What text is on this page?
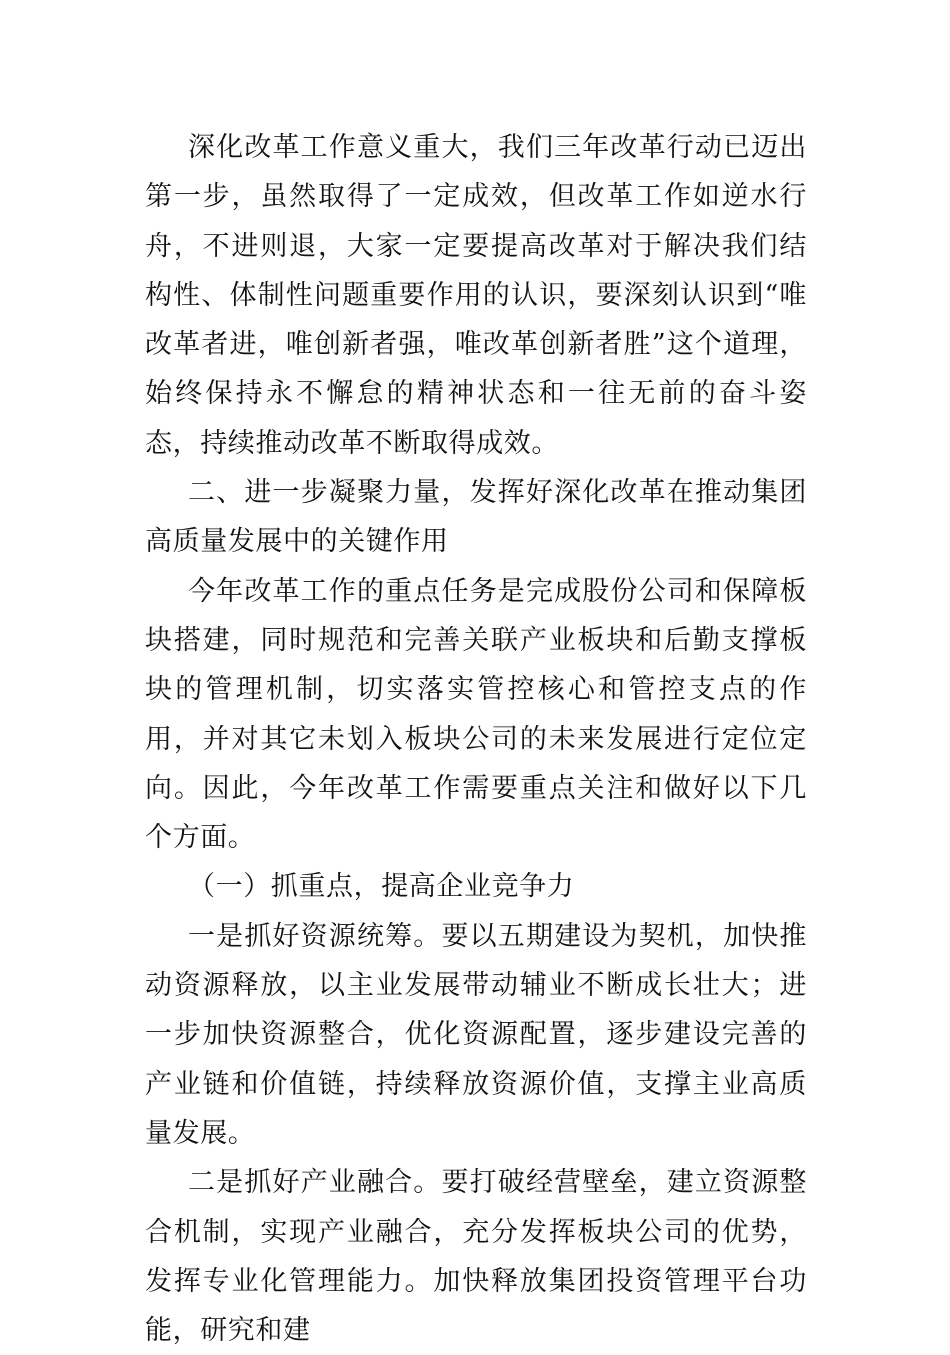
深化改革工作意义重大，我们三年改革行动已迈出第一步，虽然取得了一定成效，但改革工作如逆水行舟，不进则退，大家一定要提高改革对于解决我们结构性、体制性问题重要作用的认识，要深刻认识到“唯改革者进，唯创新者强，唯改革创新者胜”这个道理，始终保持永不懈怠的精神状态和一往无前的奋斗姿态，持续推动改革不断取得成效。

二、进一步凝聚力量，发挥好深化改革在推动集团高质量发展中的关键作用

今年改革工作的重点任务是完成股份公司和保障板块搭建，同时规范和完善关联产业板块和后勤支撑板块的管理机制，切实落实管控核心和管控支点的作用，并对其它未划入板块公司的未来发展进行定位定向。因此，今年改革工作需要重点关注和做好以下几个方面。

（一）抓重点，提高企业竞争力

一是抓好资源统筹。要以五期建设为契机，加快推动资源释放，以主业发展带动辅业不断成长壮大；进一步加快资源整合，优化资源配置，逐步建设完善的产业链和价值链，持续释放资源价值，支撑主业高质量发展。

二是抓好产业融合。要打破经营壁垒，建立资源整合机制，实现产业融合，充分发挥板块公司的优势，发挥专业化管理能力。加快释放集团投资管理平台功能，研究和建
